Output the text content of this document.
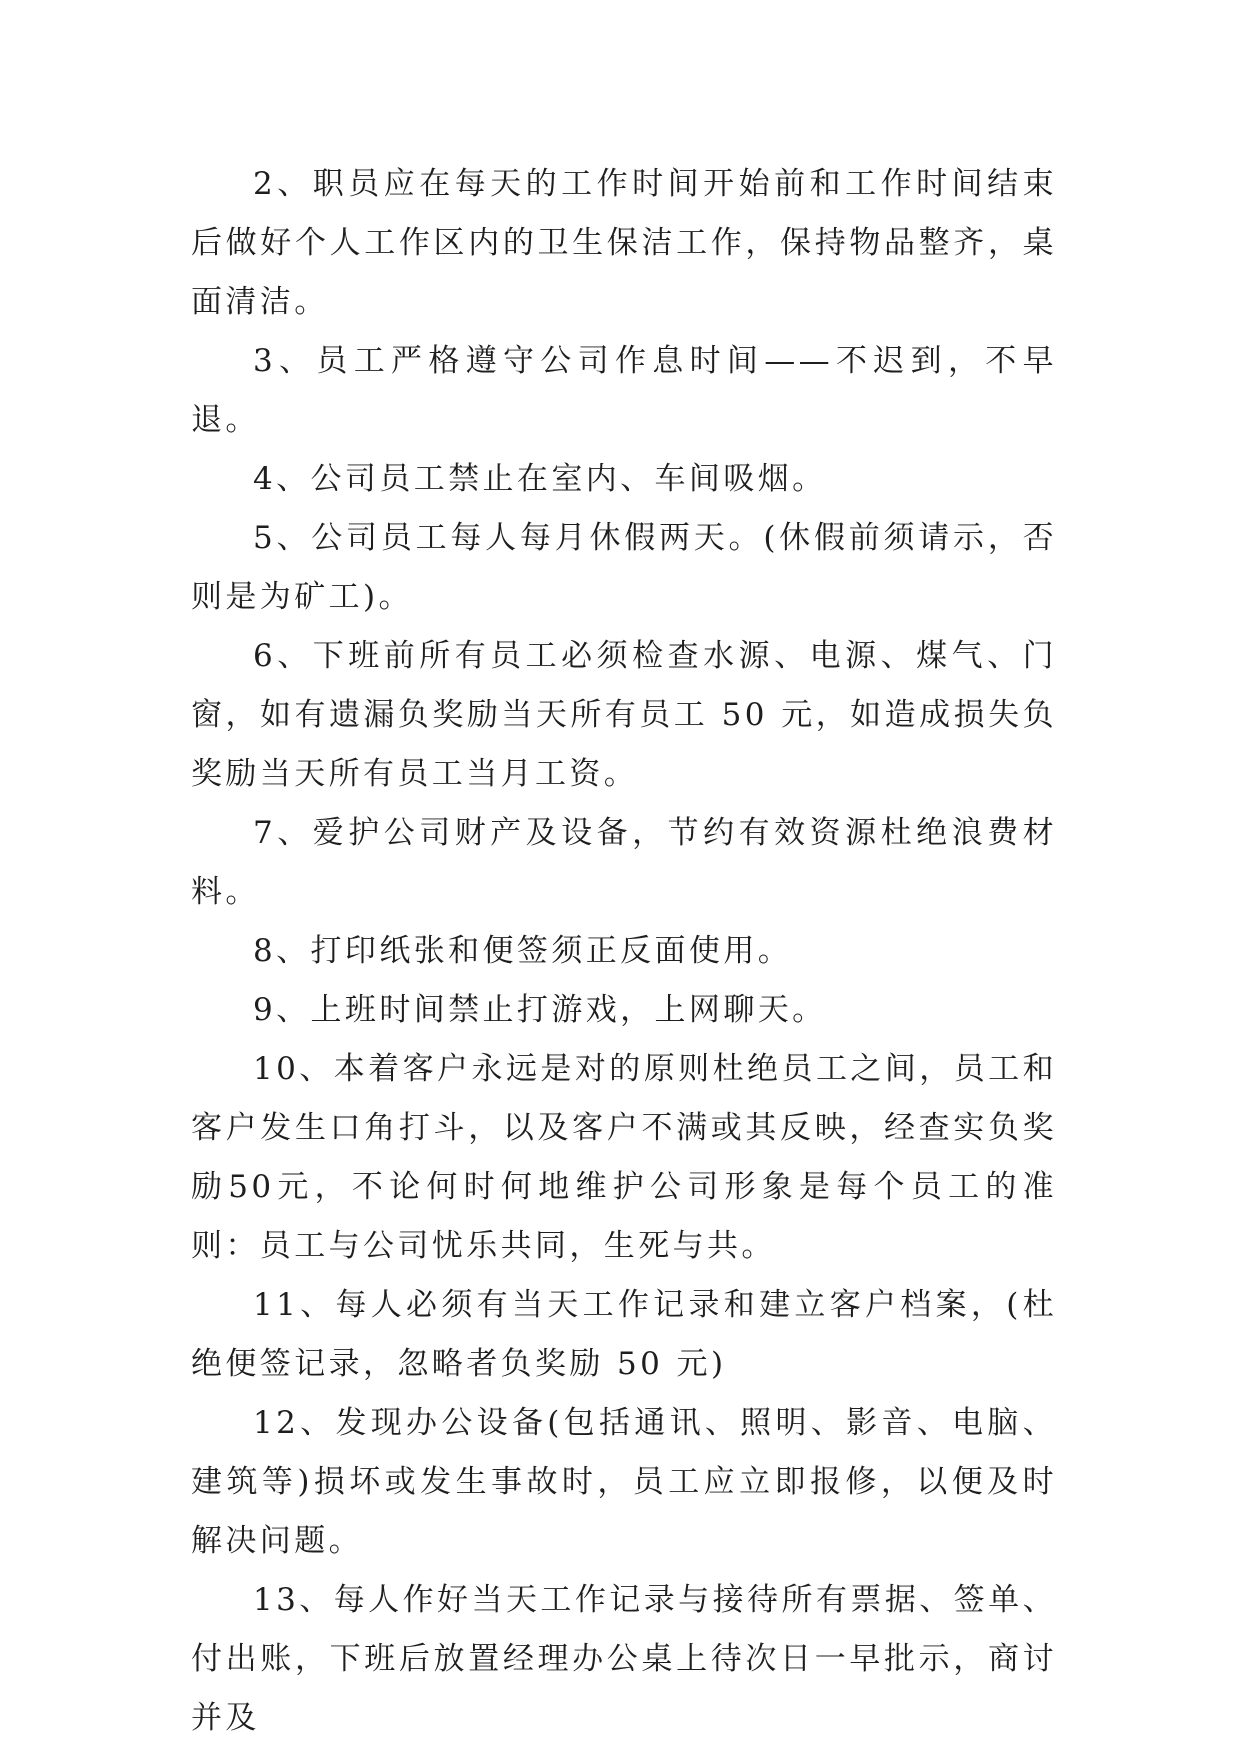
2、职员应在每天的工作时间开始前和工作时间结束后做好个人工作区内的卫生保洁工作，保持物品整齐，桌面清洁。

3、员工严格遵守公司作息时间——不迟到，不早退。

4、公司员工禁止在室内、车间吸烟。

5、公司员工每人每月休假两天。(休假前须请示，否则是为矿工)。

6、下班前所有员工必须检查水源、电源、煤气、门窗，如有遗漏负奖励当天所有员工 50 元，如造成损失负奖励当天所有员工当月工资。

7、爱护公司财产及设备，节约有效资源杜绝浪费材料。

8、打印纸张和便签须正反面使用。

9、上班时间禁止打游戏，上网聊天。

10、本着客户永远是对的原则杜绝员工之间，员工和客户发生口角打斗，以及客户不满或其反映，经查实负奖励50元，不论何时何地维护公司形象是每个员工的准则：员工与公司忧乐共同，生死与共。

11、每人必须有当天工作记录和建立客户档案，(杜绝便签记录，忽略者负奖励 50 元)

12、发现办公设备(包括通讯、照明、影音、电脑、建筑等)损坏或发生事故时，员工应立即报修，以便及时解决问题。

13、每人作好当天工作记录与接待所有票据、签单、付出账，下班后放置经理办公桌上待次日一早批示，商讨并及
